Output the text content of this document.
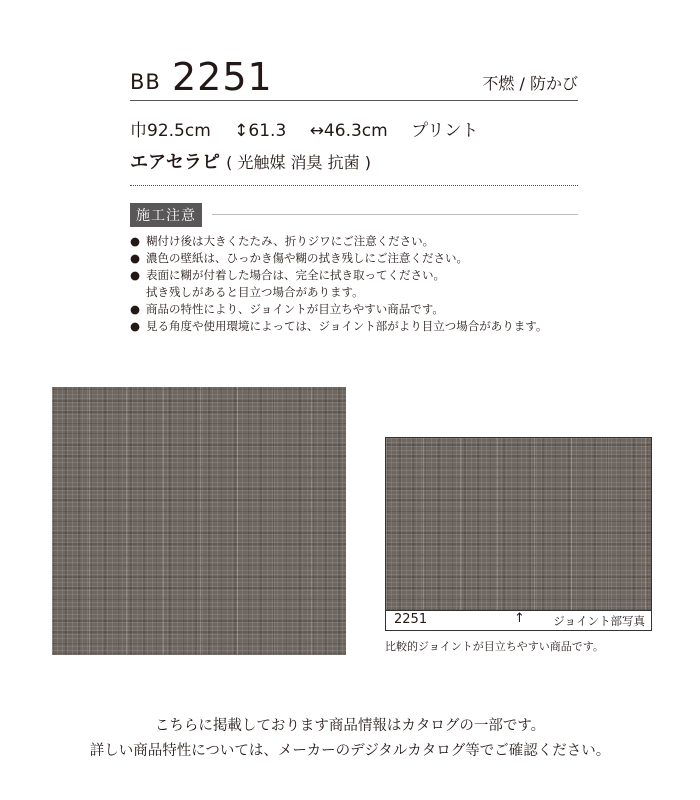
BB 2251	不燃 / 防かび
巾92.5cm ↕61.3 ↔46.3cm プリント
エアセラピ ( 光触媒 消臭 抗菌 )
施工注意
● 糊付け後は大きくたたみ、折りジワにご注意ください。
● 濃色の壁紙は、ひっかき傷や糊の拭き残しにご注意ください。
● 表面に糊が付着した場合は、完全に拭き取ってください。
拭き残しがあると目立つ場合があります。
● 商品の特性により、ジョイントが目立ちやすい商品です。
● 見る角度や使用環境によっては、ジョイント部がより目立つ場合があります。
2251	↑ ジョイント部写真
比較的ジョイントが目立ちやすい商品です。
こちらに掲載しております商品情報はカタログの一部です。
詳しい商品特性については、メーカーのデジタルカタログ等でご確認ください。
